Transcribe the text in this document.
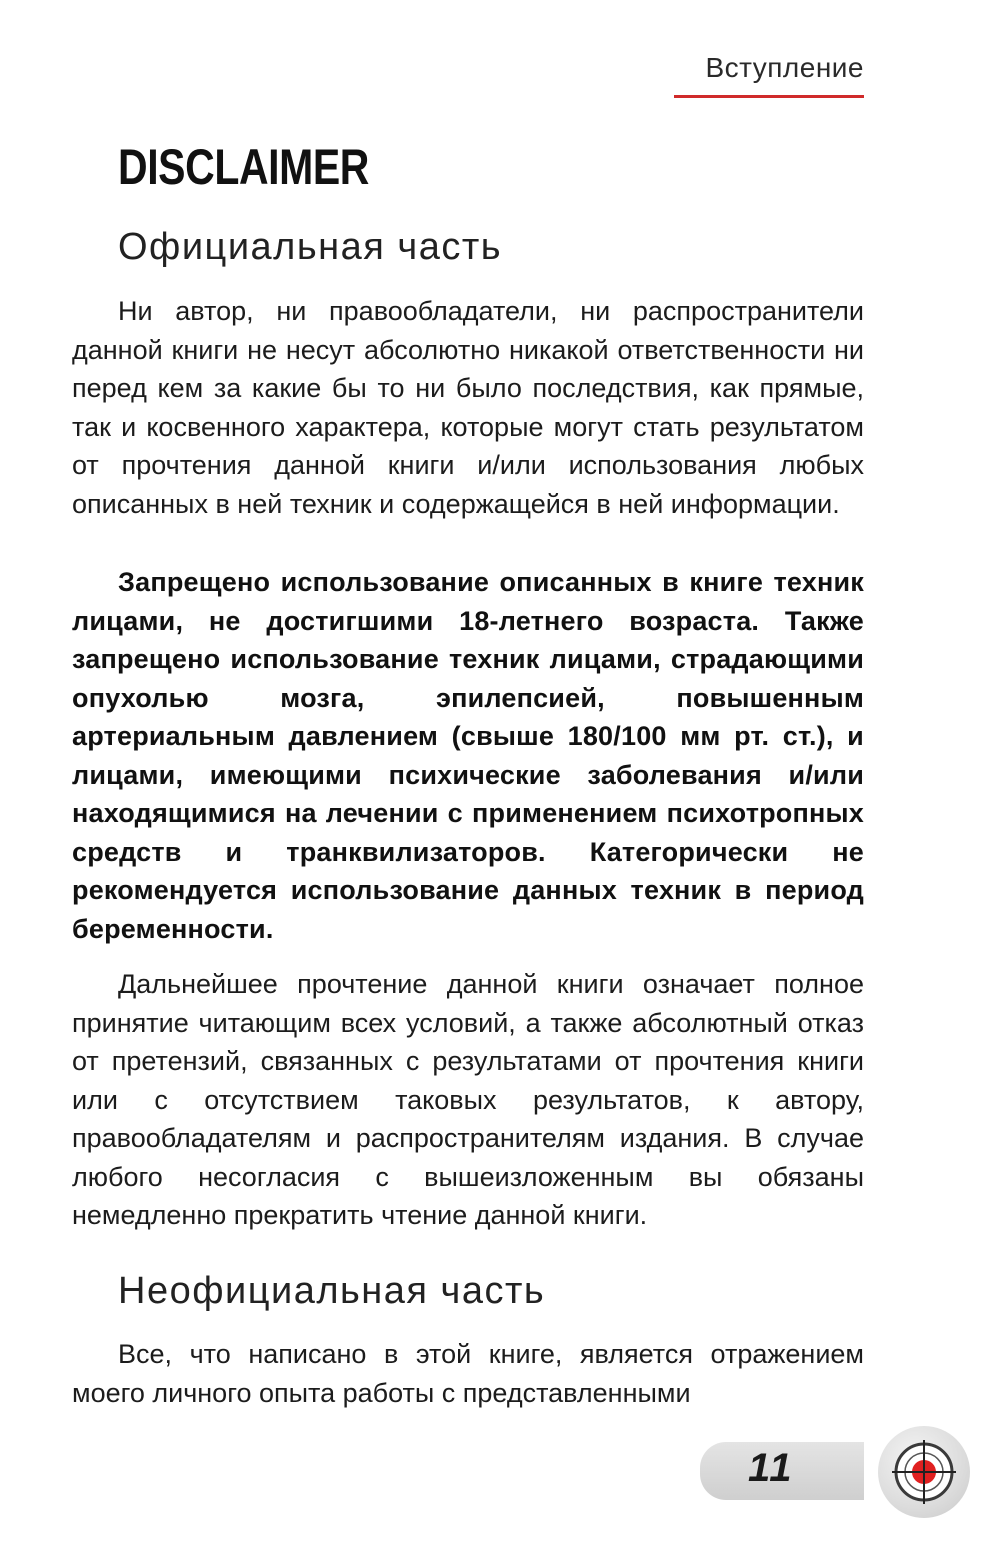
Вступление
DISCLAIMER
Официальная часть

Ни автор, ни правообладатели, ни распространители данной книги не несут абсолютно никакой ответственности ни перед кем за какие бы то ни было последствия, как прямые, так и косвенного характера, которые могут стать результатом от прочтения данной книги и/или использования любых описанных в ней техник и содержащейся в ней информации.

Запрещено использование описанных в книге техник лицами, не достигшими 18-летнего возраста. Также запрещено использование техник лицами, страдающими опухолью мозга, эпилепсией, повышенным артериальным давлением (свыше 180/100 мм рт. ст.), и лицами, имеющими психические заболевания и/или находящимися на лечении с применением психотропных средств и транквилизаторов. Категорически не рекомендуется использование данных техник в период беременности.

Дальнейшее прочтение данной книги означает полное принятие читающим всех условий, а также абсолютный отказ от претензий, связанных с результатами от прочтения книги или с отсутствием таковых результатов, к автору, правообладателям и распространителям издания. В случае любого несогласия с вышеизложенным вы обязаны немедленно прекратить чтение данной книги.

Неофициальная часть

Все, что написано в этой книге, является отражением моего личного опыта работы с представленными

11
